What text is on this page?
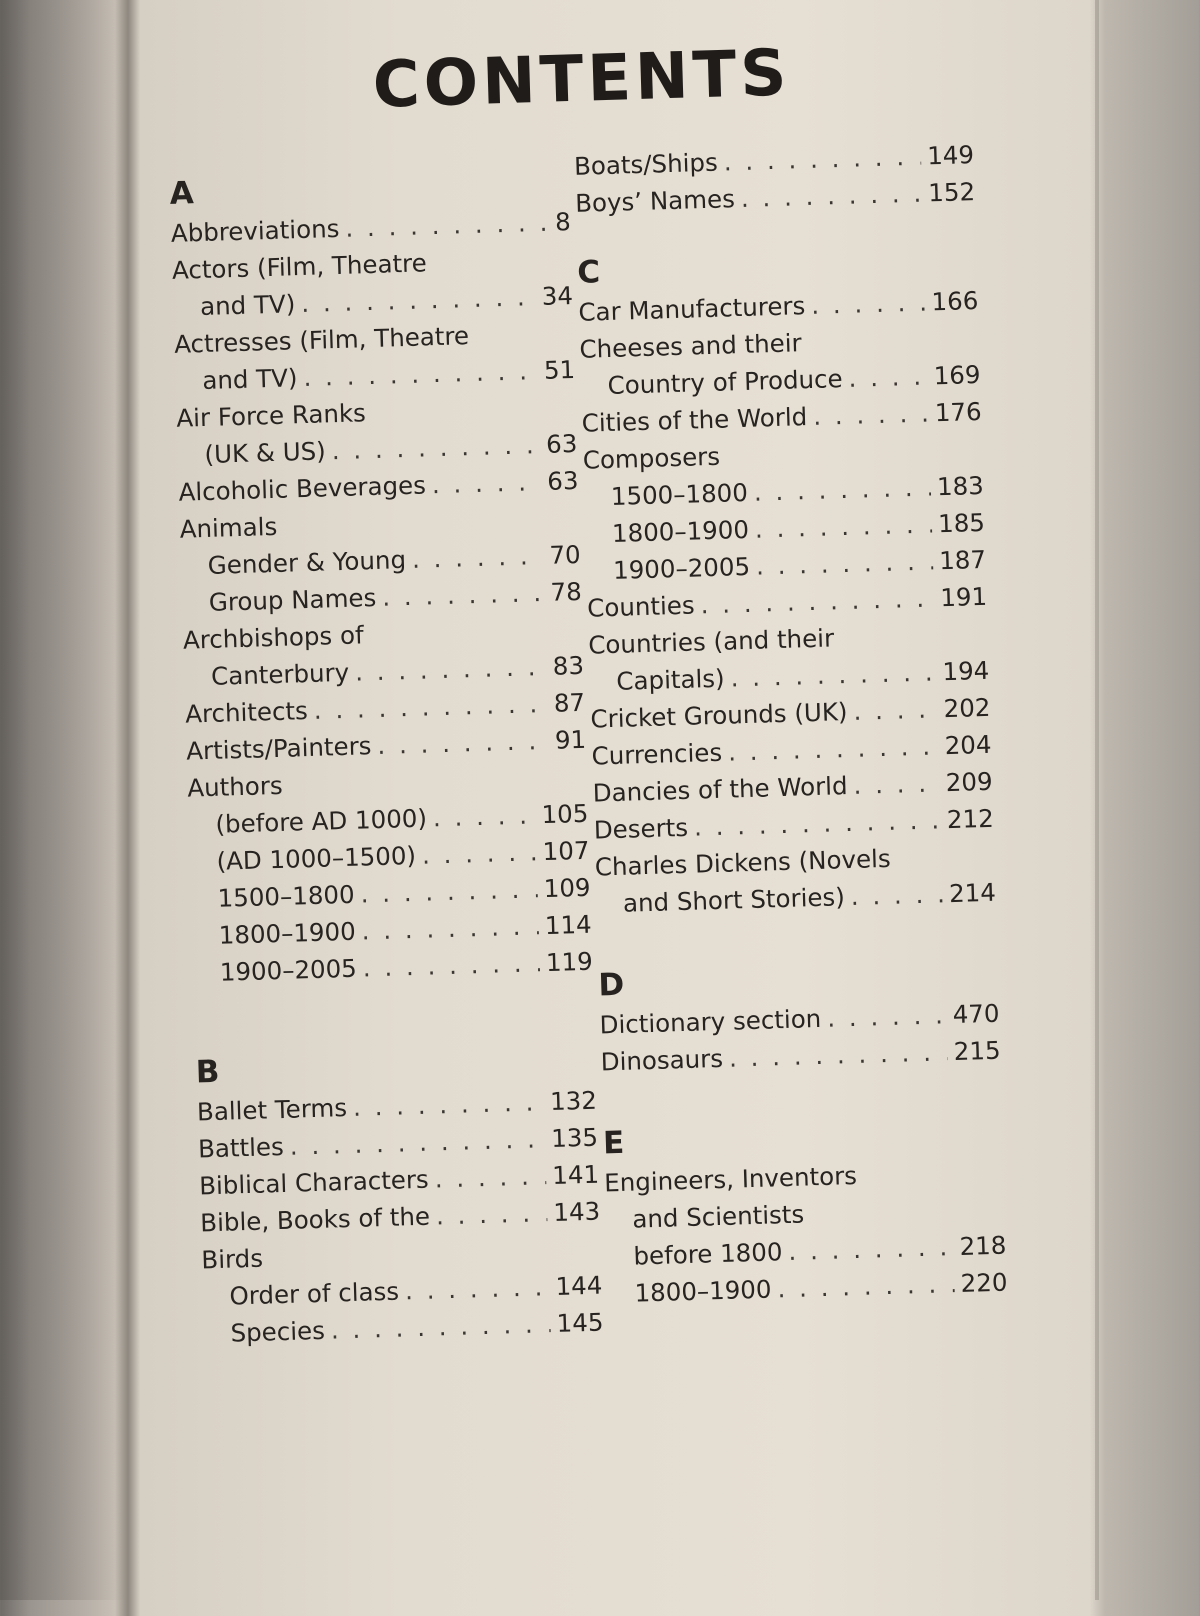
CONTENTS
A
Abbreviations . . .	8
Actors (Film, Theatre
and TV) . . .	34
Actresses (Film, Theatre
and TV) . . .	51
Air Force Ranks
(UK & US) . . .	63
Alcoholic Beverages . . .	63
Animals
Gender & Young . . .	70
Group Names . . .	78
Archbishops of
Canterbury . . .	83
Architects . . .	87
Artists/Painters . . .	91
Authors
(before AD 1000) . . .	105
(AD 1000–1500) . . .	107
1500–1800 . . .	109
1800–1900 . . .	114
1900–2005 . . .	119
B
Ballet Terms . . .	132
Battles . . .	135
Biblical Characters . . .	141
Bible, Books of the . . .	143
Birds
Order of class . . .	144
Species . . .	145
Boats/Ships . . .	149
Boys’ Names . . .	152
C
Car Manufacturers . . .	166
Cheeses and their
Country of Produce . . .	169
Cities of the World . . .	176
Composers
1500–1800 . . .	183
1800–1900 . . .	185
1900–2005 . . .	187
Counties . . .	191
Countries (and their
Capitals) . . .	194
Cricket Grounds (UK) . . .	202
Currencies . . .	204
Dancies of the World . . .	209
Deserts . . .	212
Charles Dickens (Novels
and Short Stories) . . .	214
D
Dictionary section . . .	470
Dinosaurs . . .	215
E
Engineers, Inventors
and Scientists
before 1800 . . .	218
1800–1900 . . .	220
